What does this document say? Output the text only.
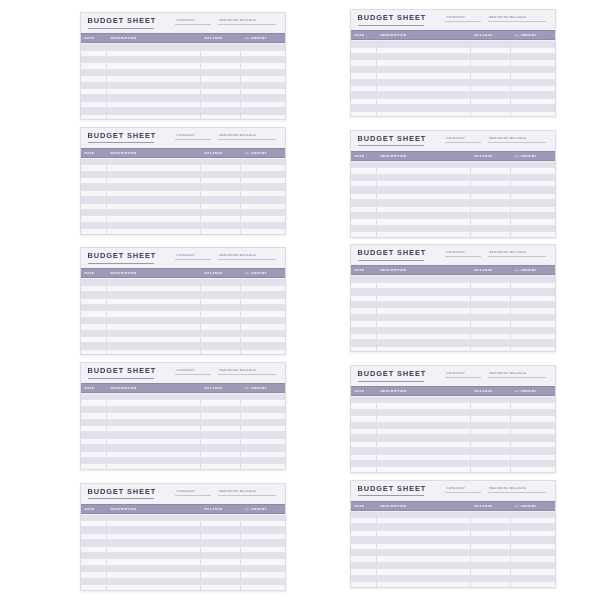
BUDGET SHEET	CATEGORY	BEGINNING BALANCE
DATE	DESCRIPTION	BALANCE	+/- AMOUNT
BUDGET SHEET	CATEGORY	BEGINNING BALANCE
DATE	DESCRIPTION	BALANCE	+/- AMOUNT
BUDGET SHEET	CATEGORY	BEGINNING BALANCE
DATE	DESCRIPTION	BALANCE	+/- AMOUNT
BUDGET SHEET	CATEGORY	BEGINNING BALANCE
DATE	DESCRIPTION	BALANCE	+/- AMOUNT
BUDGET SHEET	CATEGORY	BEGINNING BALANCE
DATE	DESCRIPTION	BALANCE	+/- AMOUNT
BUDGET SHEET	CATEGORY	BEGINNING BALANCE
DATE	DESCRIPTION	BALANCE	+/- AMOUNT
BUDGET SHEET	CATEGORY	BEGINNING BALANCE
DATE	DESCRIPTION	BALANCE	+/- AMOUNT
BUDGET SHEET	CATEGORY	BEGINNING BALANCE
DATE	DESCRIPTION	BALANCE	+/- AMOUNT
BUDGET SHEET	CATEGORY	BEGINNING BALANCE
DATE	DESCRIPTION	BALANCE	+/- AMOUNT
BUDGET SHEET	CATEGORY	BEGINNING BALANCE
DATE	DESCRIPTION	BALANCE	+/- AMOUNT
